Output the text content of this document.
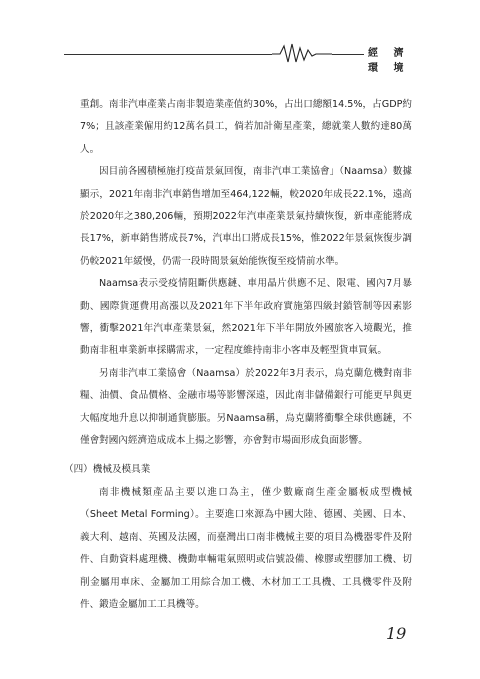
經 濟 環 境

重創。南非汽車產業占南非製造業產值約30%，占出口總額14.5%，占GDP約7%；且該產業僱用約12萬名員工，倘若加計衛星產業，總就業人數約達80萬人。

因目前各國積極施打疫苗景氣回復，南非汽車工業協會」（Naamsa）數據顯示，2021年南非汽車銷售增加至464,122輛，較2020年成長22.1%，遠高於2020年之380,206輛，預期2022年汽車產業景氣持續恢復，新車產能將成長17%，新車銷售將成長7%，汽車出口將成長15%，惟2022年景氣恢復步調仍較2021年緩慢，仍需一段時間景氣始能恢復至疫情前水準。

Naamsa表示受疫情阻斷供應鏈、車用晶片供應不足、限電、國內7月暴動、國際貨運費用高漲以及2021年下半年政府實施第四級封鎖管制等因素影響，衝擊2021年汽車產業景氣，然2021年下半年開放外國旅客入境觀光，推動南非租車業新車採購需求，一定程度維持南非小客車及輕型貨車買氣。

另南非汽車工業協會（Naamsa）於2022年3月表示，烏克蘭危機對南非糧、油價、食品價格、金融市場等影響深遠，因此南非儲備銀行可能更早與更大幅度地升息以抑制通貨膨脹。另Naamsa稱，烏克蘭將衝擊全球供應鏈，不僅會對國內經濟造成成本上揚之影響，亦會對市場面形成負面影響。

（四）機械及模具業

南非機械類產品主要以進口為主，僅少數廠商生產金屬板成型機械（Sheet Metal Forming）。主要進口來源為中國大陸、德國、美國、日本、義大利、越南、英國及法國，而臺灣出口南非機械主要的項目為機器零件及附件、自動資料處理機、機動車輛電氣照明或信號設備、橡膠或塑膠加工機、切削金屬用車床、金屬加工用綜合加工機、木材加工工具機、工具機零件及附件、鍛造金屬加工工具機等。

19
